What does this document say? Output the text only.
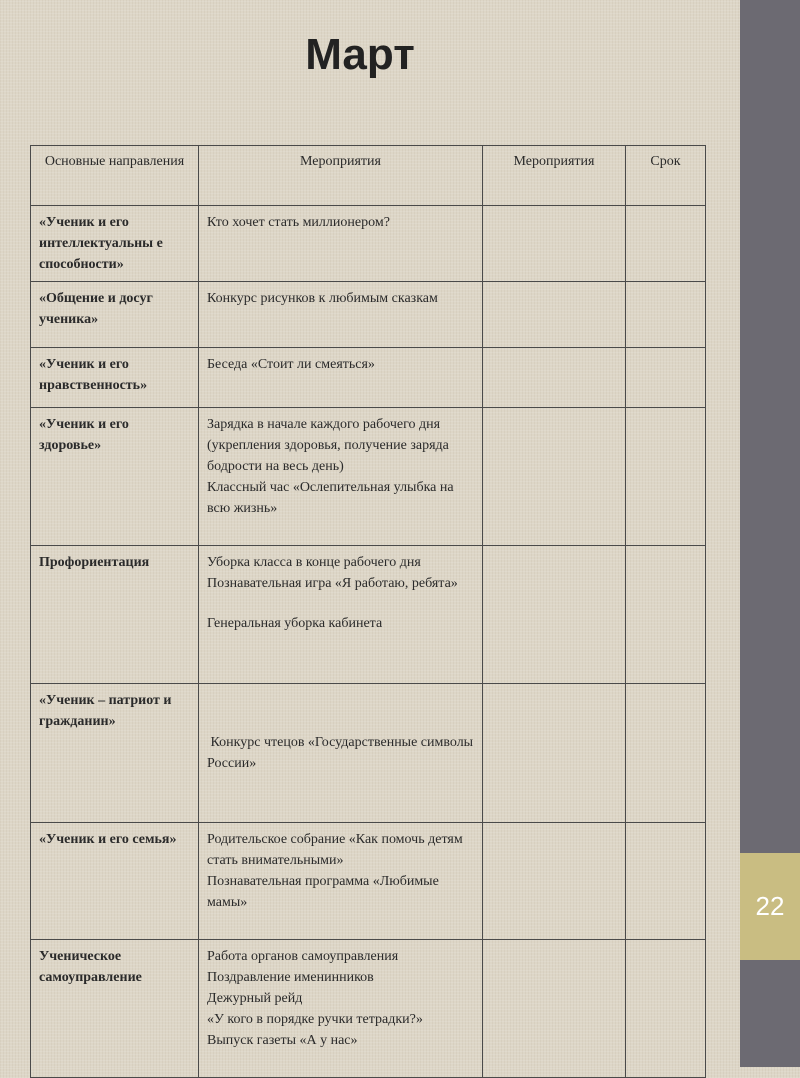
22
Март
Основные направления	Мероприятия	Мероприятия	Срок
«Ученик и его интеллектуальны е способности»	Кто хочет стать миллионером?		

«Общение и досуг ученика»	Конкурс рисунков к любимым сказкам		

«Ученик и его нравственность»	Беседа «Стоит ли смеяться»		

«Ученик и его здоровье»	Зарядка в начале каждого рабочего дня (укрепления здоровья, получение заряда бодрости на весь день)
Классный час «Ослепительная улыбка на всю жизнь»		

Профориентация	Уборка класса в конце рабочего дня
Познавательная игра «Я работаю, ребята»
Генеральная уборка кабинета		

«Ученик – патриот и гражданин»	Конкурс чтецов «Государственные символы России»		

«Ученик и его семья»	Родительское собрание «Как помочь детям стать внимательными»
Познавательная программа «Любимые мамы»		

Ученическое самоуправление	Работа органов самоуправления
Поздравление именинников
Дежурный рейд
«У кого в порядке ручки тетрадки?»
Выпуск газеты «А у нас»		
